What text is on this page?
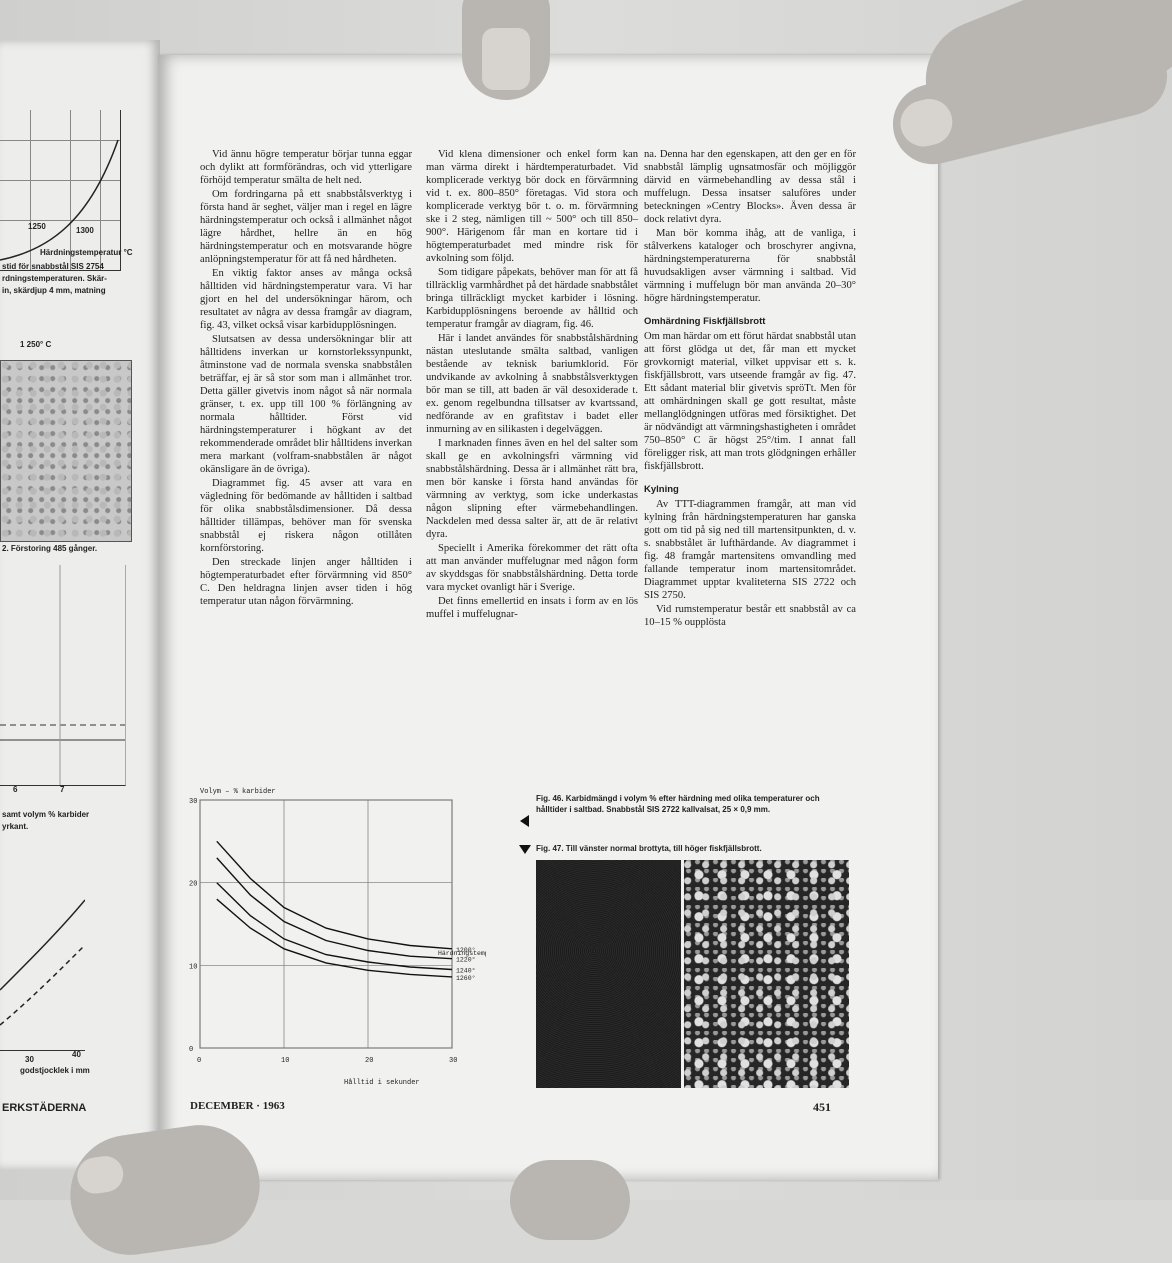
1250	1300
Härdningstemperatur °C
stid för snabbstål SIS 2754
rdningstemperaturen. Skär-
in, skärdjup 4 mm, matning
1 250° C
2. Förstoring 485 gånger.
6	7
samt volym % karbider
yrkant.
30
40
godstjocklek i mm
ERKSTÄDERNA

Vid ännu högre temperatur börjar tunna eggar och dylikt att formförändras, och vid ytterligare förhöjd temperatur smälta de helt ned.

Om fordringarna på ett snabbstålsverktyg i första hand är seghet, väljer man i regel en lägre härdningstemperatur och också i allmänhet något lägre hårdhet, hellre än en hög härdningstemperatur och en motsvarande högre anlöpningstemperatur för att få ned hårdheten.

En viktig faktor anses av många också hålltiden vid härdningstemperatur vara. Vi har gjort en hel del undersökningar härom, och resultatet av några av dessa framgår av diagram, fig. 43, vilket också visar karbidupplösningen.

Slutsatsen av dessa undersökningar blir att hålltidens inverkan ur kornstorlekssynpunkt, åtminstone vad de normala svenska snabbstålen beträffar, ej är så stor som man i allmänhet tror. Detta gäller givetvis inom något så när normala gränser, t. ex. upp till 100 % förlängning av normala hålltider. Först vid härdningstemperaturer i högkant av det rekommenderade området blir hålltidens inverkan mera markant (volfram-snabbstålen är något okänsligare än de övriga).

Diagrammet fig. 45 avser att vara en vägledning för bedömande av hålltiden i saltbad för olika snabbstålsdimensioner. Då dessa hålltider tillämpas, behöver man för svenska snabbstål ej riskera någon otillåten kornförstoring.

Den streckade linjen anger hålltiden i högtemperaturbadet efter förvärmning vid 850° C. Den heldragna linjen avser tiden i hög temperatur utan någon förvärmning.

Vid klena dimensioner och enkel form kan man värma direkt i härdtemperaturbadet. Vid komplicerade verktyg bör dock en förvärmning vid t. ex. 800–850° företagas. Vid stora och komplicerade verktyg bör t. o. m. förvärmning ske i 2 steg, nämligen till ~ 500° och till 850–900°. Härigenom får man en kortare tid i högtemperaturbadet med mindre risk för avkolning som följd.

Som tidigare påpekats, behöver man för att få tillräcklig varmhårdhet på det härdade snabbstålet bringa tillräckligt mycket karbider i lösning. Karbidupplösningens beroende av hålltid och temperatur framgår av diagram, fig. 46.

Här i landet användes för snabbstålshärdning nästan uteslutande smälta saltbad, vanligen bestående av teknisk bariumklorid. För undvikande av avkolning å snabbstålsverktygen bör man se till, att baden är väl desoxiderade t. ex. genom regelbundna tillsatser av kvartssand, nedförande av en grafitstav i badet eller inmurning av en silikasten i degelväggen.

I marknaden finnes även en hel del salter som skall ge en avkolningsfri värmning vid snabbstålshärdning. Dessa är i allmänhet rätt bra, men bör kanske i första hand användas för värmning av verktyg, som icke underkastas någon slipning efter värmebehandlingen. Nackdelen med dessa salter är, att de är relativt dyra.

Speciellt i Amerika förekommer det rätt ofta att man använder muffelugnar med någon form av skyddsgas för snabbstålshärdning. Detta torde vara mycket ovanligt här i Sverige.

Det finns emellertid en insats i form av en lös muffel i muffelugnar-

na. Denna har den egenskapen, att den ger en för snabbstål lämplig ugnsatmosfär och möjliggör därvid en värmebehandling av dessa stål i muffelugn. Dessa insatser saluföres under beteckningen »Centry Blocks». Även dessa är dock relativt dyra.

Man bör komma ihåg, att de vanliga, i stålverkens kataloger och broschyrer angivna, härdningstemperaturerna för snabbstål huvudsakligen avser värmning i saltbad. Vid värmning i muffelugn bör man använda 20–30° högre härdningstemperatur.

Omhärdning Fiskfjällsbrott

Om man härdar om ett förut härdat snabbstål utan att först glödga ut det, får man ett mycket grovkornigt material, vilket uppvisar ett s. k. fiskfjällsbrott, vars utseende framgår av fig. 47. Ett sådant material blir givetvis spröTt. Men för att omhärdningen skall ge gott resultat, måste mellanglödgningen utföras med försiktighet. Det är nödvändigt att värmningshastigheten i området 750–850° C är högst 25°/tim. I annat fall föreligger risk, att man trots glödgningen erhåller fiskfjällsbrott.

Kylning

Av TTT-diagrammen framgår, att man vid kylning från härdningstemperaturen har ganska gott om tid på sig ned till martensitpunkten, d. v. s. snabbstålet är lufthärdande. Av diagrammet i fig. 48 framgår martensitens omvandling med fallande temperatur inom martensitområdet. Diagrammet upptar kvaliteterna SIS 2722 och SIS 2750.

Vid rumstemperatur består ett snabbstål av ca 10–15 % oupplösta

Volym – % karbider
Hålltid i sekunder
Härdningstem
0	10	20	30
0
10
20
30
1200°
1220°
1240°
1260°
Fig. 46. Karbidmängd i volym % efter härdning med olika temperaturer och hålltider i saltbad. Snabbstål SIS 2722 kallvalsat, 25 × 0,9 mm.
Fig. 47. Till vänster normal brottyta, till höger fiskfjällsbrott.
DECEMBER · 1963	451
